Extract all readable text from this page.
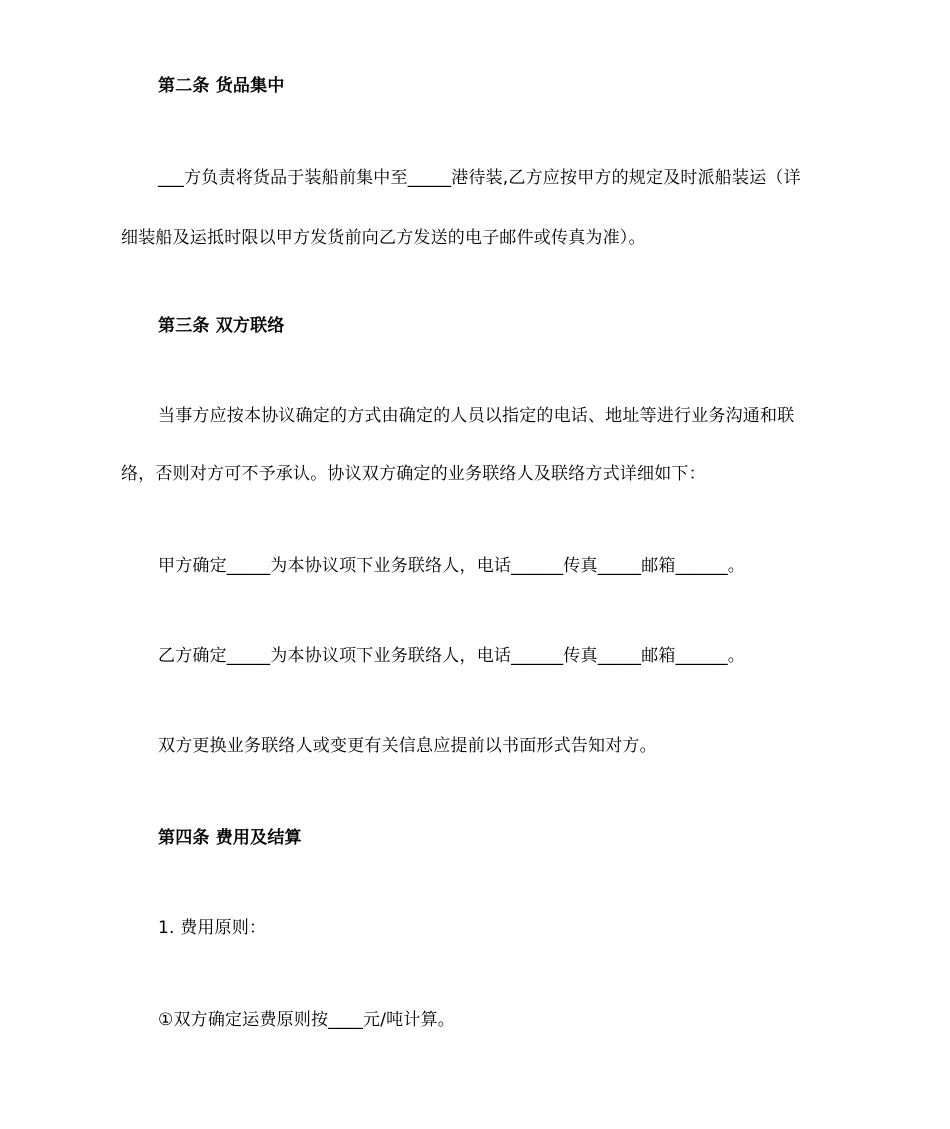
第二条 货品集中
___方负责将货品于装船前集中至_____港待装,乙方应按甲方的规定及时派船装运（详
细装船及运抵时限以甲方发货前向乙方发送的电子邮件或传真为准）。
第三条 双方联络
当事方应按本协议确定的方式由确定的人员以指定的电话、地址等进行业务沟通和联
络，否则对方可不予承认。协议双方确定的业务联络人及联络方式详细如下：
甲方确定_____为本协议项下业务联络人，电话______传真_____邮箱______。
乙方确定_____为本协议项下业务联络人，电话______传真_____邮箱______。
双方更换业务联络人或变更有关信息应提前以书面形式告知对方。
第四条 费用及结算
1. 费用原则：
①双方确定运费原则按____元/吨计算。
